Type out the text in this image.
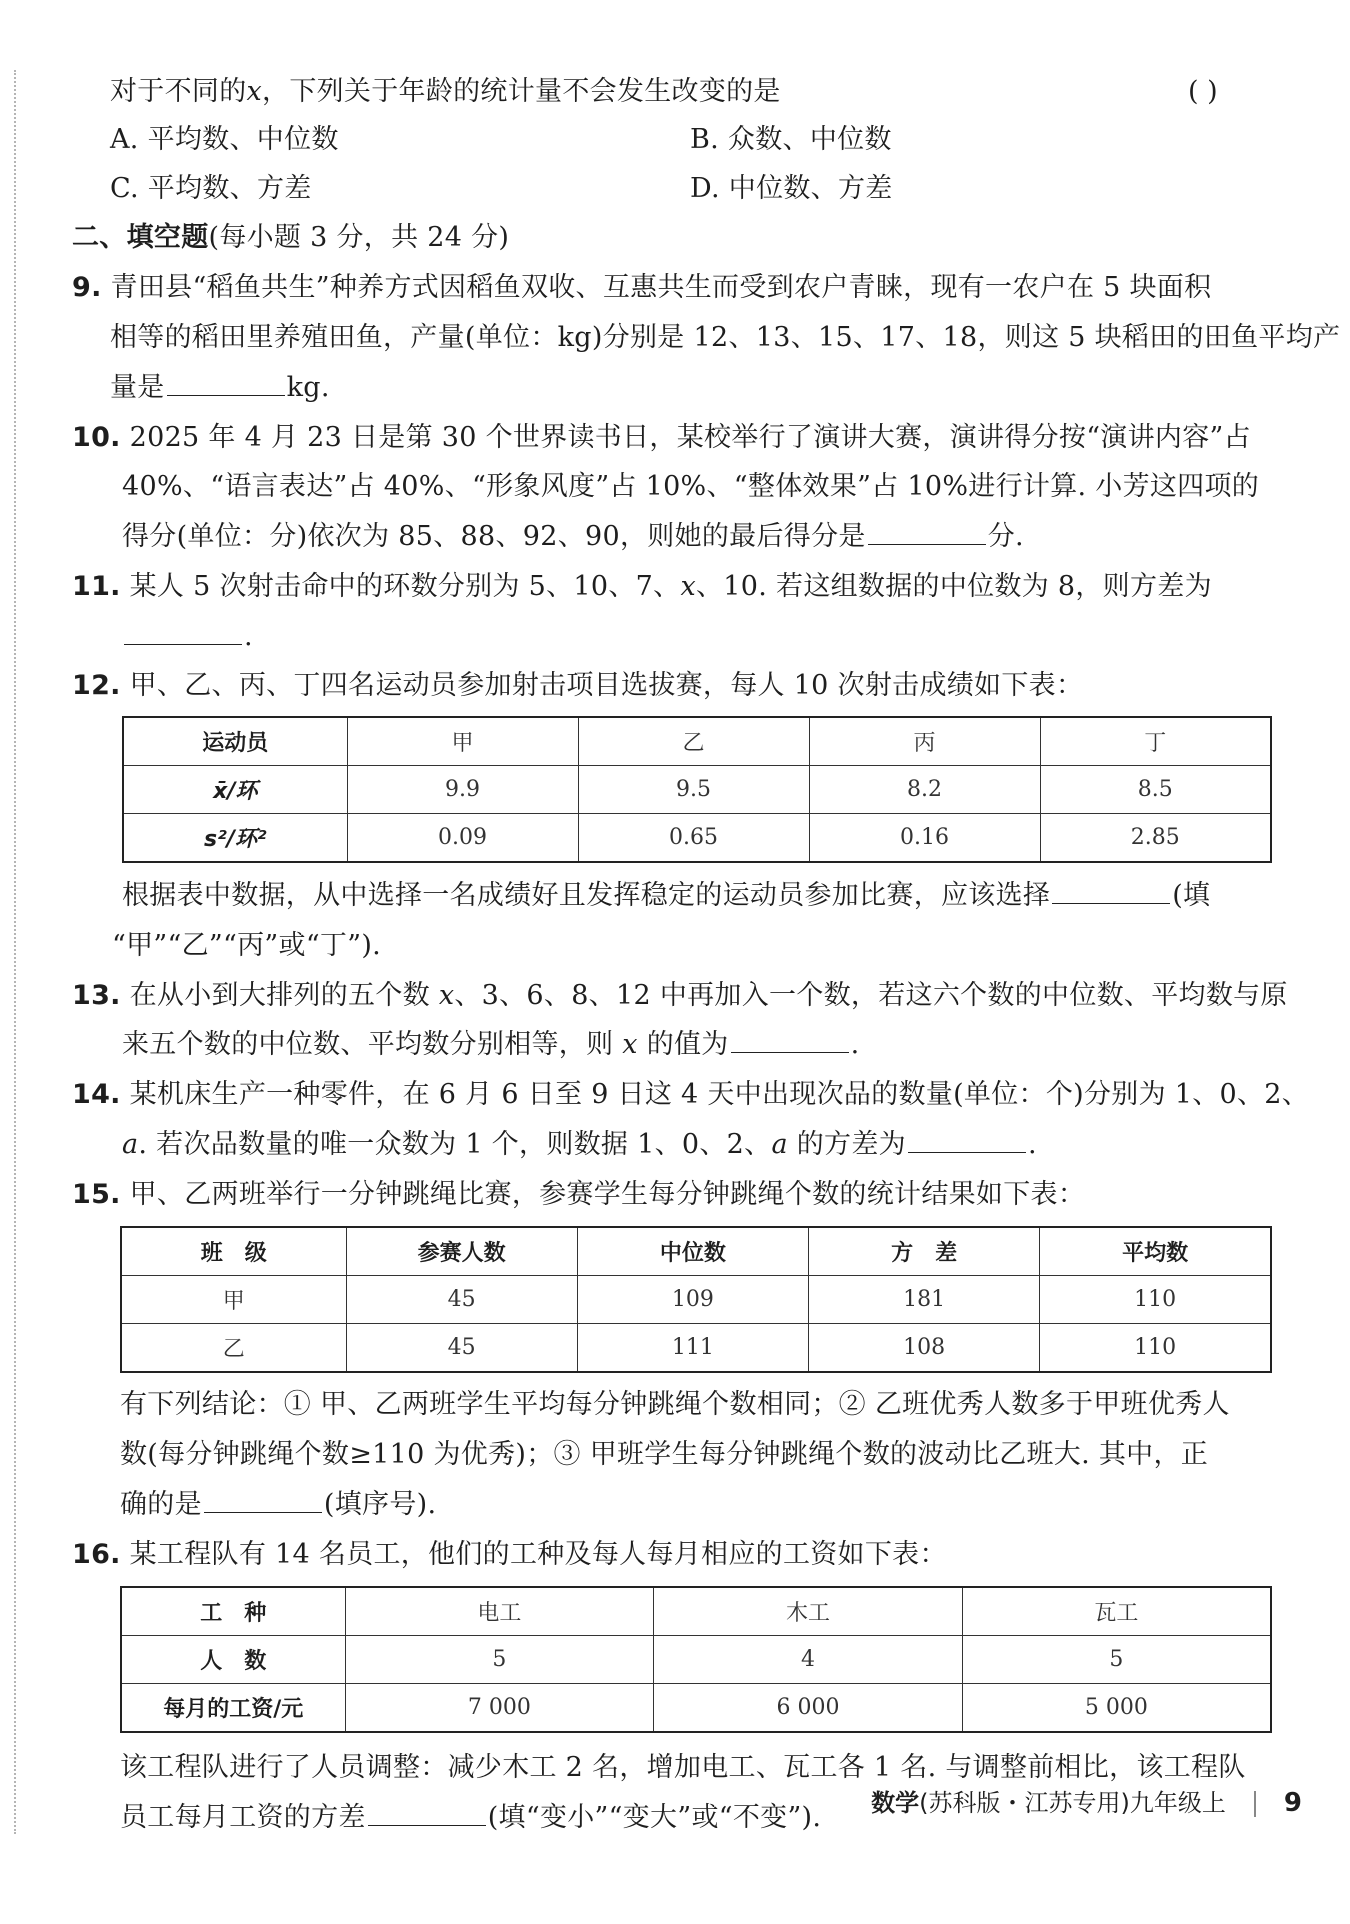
对于不同的x，下列关于年龄的统计量不会发生改变的是	( )
A. 平均数、中位数	B. 众数、中位数
C. 平均数、方差	D. 中位数、方差
二、填空题(每小题 3 分，共 24 分)
9. 青田县“稻鱼共生”种养方式因稻鱼双收、互惠共生而受到农户青睐，现有一农户在 5 块面积
相等的稻田里养殖田鱼，产量(单位：kg)分别是 12、13、15、17、18，则这 5 块稻田的田鱼平均产
量是	kg.
10. 2025 年 4 月 23 日是第 30 个世界读书日，某校举行了演讲大赛，演讲得分按“演讲内容”占
40%、“语言表达”占 40%、“形象风度”占 10%、“整体效果”占 10%进行计算. 小芳这四项的
得分(单位：分)依次为 85、88、92、90，则她的最后得分是	分.
11. 某人 5 次射击命中的环数分别为 5、10、7、x、10. 若这组数据的中位数为 8，则方差为
.
12. 甲、乙、丙、丁四名运动员参加射击项目选拔赛，每人 10 次射击成绩如下表：
运动员	甲	乙	丙	丁
x̄/环	9.9	9.5	8.2	8.5
s²/环²	0.09	0.65	0.16	2.85
根据表中数据，从中选择一名成绩好且发挥稳定的运动员参加比赛，应该选择	(填
“甲”“乙”“丙”或“丁”).
13. 在从小到大排列的五个数 x、3、6、8、12 中再加入一个数，若这六个数的中位数、平均数与原
来五个数的中位数、平均数分别相等，则 x 的值为	.
14. 某机床生产一种零件，在 6 月 6 日至 9 日这 4 天中出现次品的数量(单位：个)分别为 1、0、2、
a. 若次品数量的唯一众数为 1 个，则数据 1、0、2、a 的方差为	.
15. 甲、乙两班举行一分钟跳绳比赛，参赛学生每分钟跳绳个数的统计结果如下表：
班　级	参赛人数	中位数	方　差	平均数
甲	45	109	181	110
乙	45	111	108	110
有下列结论：① 甲、乙两班学生平均每分钟跳绳个数相同；② 乙班优秀人数多于甲班优秀人
数(每分钟跳绳个数≥110 为优秀)；③ 甲班学生每分钟跳绳个数的波动比乙班大. 其中，正
确的是	(填序号).
16. 某工程队有 14 名员工，他们的工种及每人每月相应的工资如下表：
工　种	电工	木工	瓦工
人　数	5	4	5
每月的工资/元	7 000	6 000	5 000
该工程队进行了人员调整：减少木工 2 名，增加电工、瓦工各 1 名. 与调整前相比，该工程队
员工每月工资的方差	(填“变小”“变大”或“不变”). 数学(苏科版・江苏专用)九年级上 9
